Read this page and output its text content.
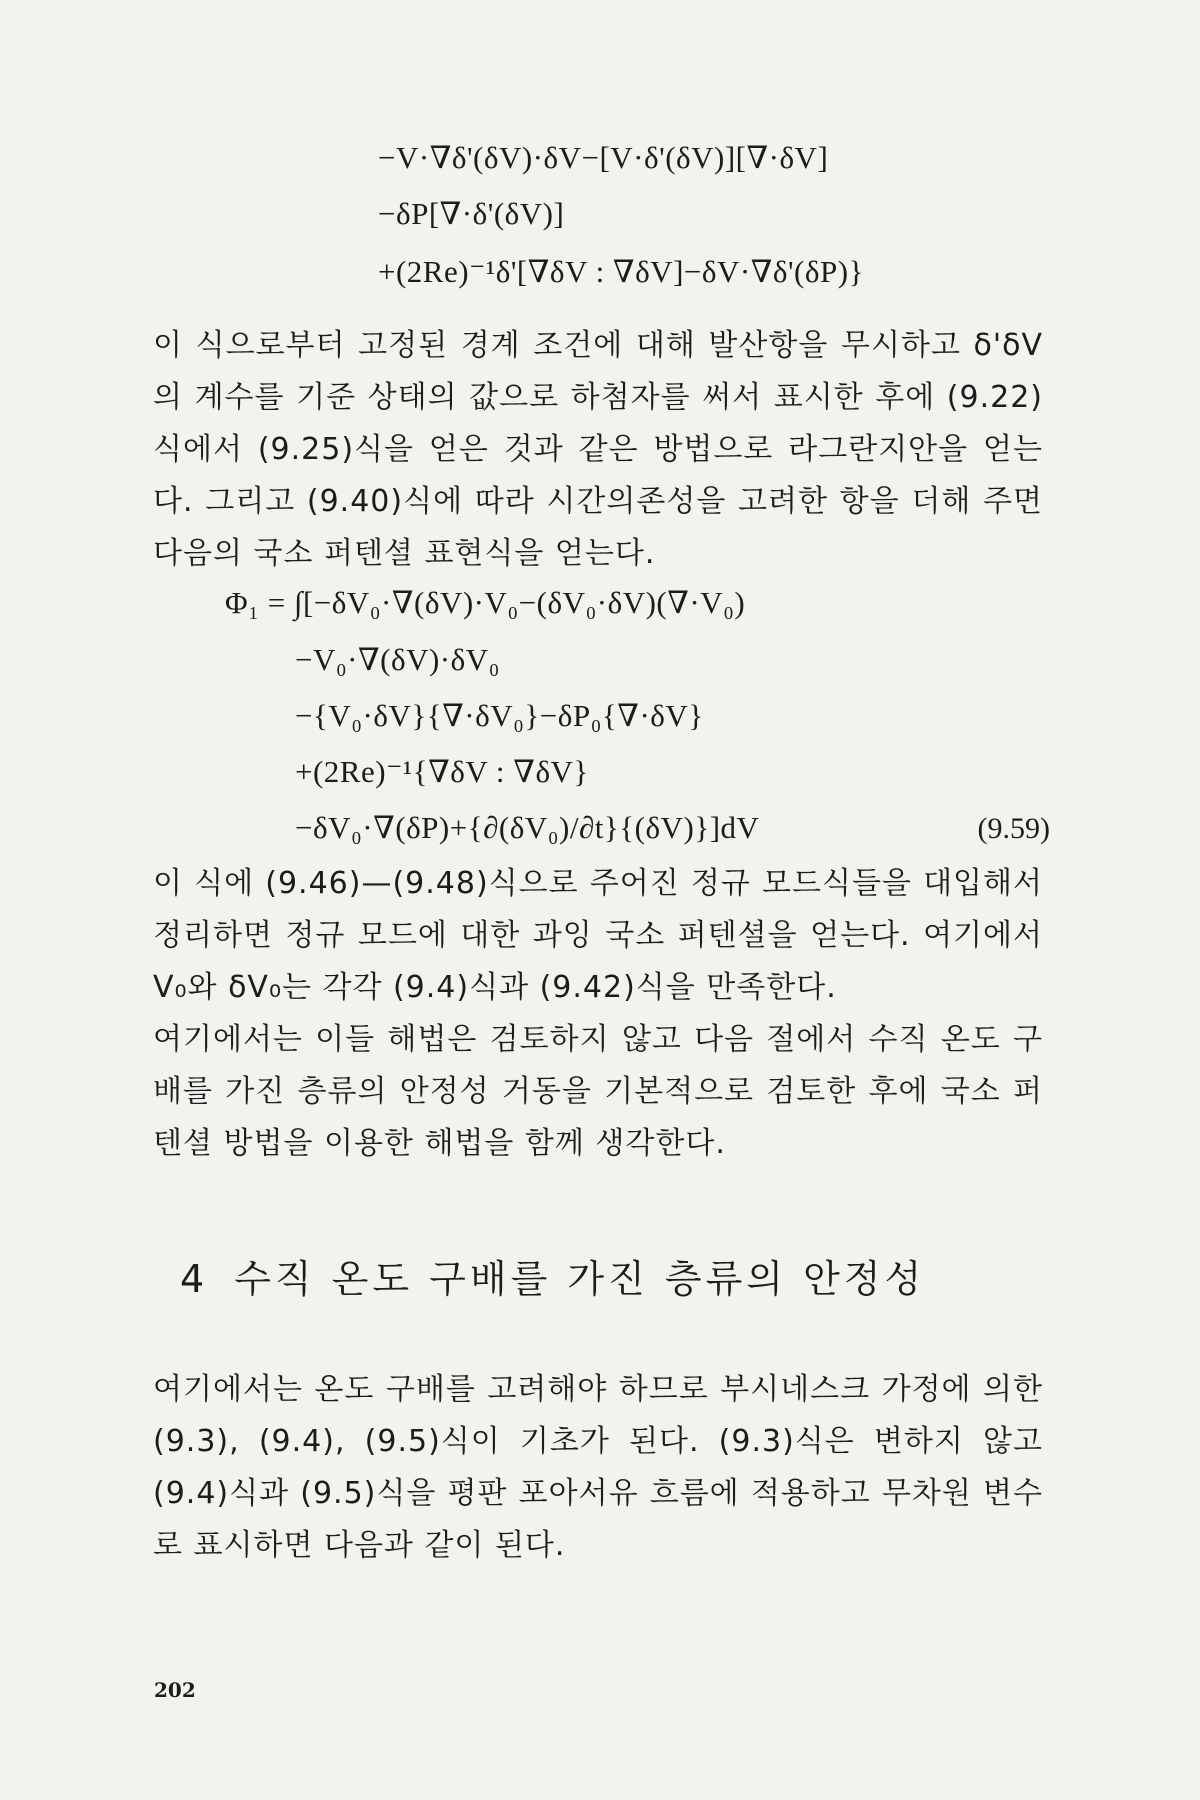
−V·∇δ'(δV)·δV−[V·δ'(δV)][∇·δV]
−δP[∇·δ'(δV)]
+(2Re)⁻¹δ'[∇δV : ∇δV]−δV·∇δ'(δP)}
이 식으로부터 고정된 경계 조건에 대해 발산항을 무시하고 δ'δV의 계수를 기준 상태의 값으로 하첨자를 써서 표시한 후에 (9.22)식에서 (9.25)식을 얻은 것과 같은 방법으로 라그란지안을 얻는다. 그리고 (9.40)식에 따라 시간의존성을 고려한 항을 더해 주면 다음의 국소 퍼텐셜 표현식을 얻는다.
Φ₁ = ∫[−δV₀·∇(δV)·V₀−(δV₀·δV)(∇·V₀)
−V₀·∇(δV)·δV₀
−{V₀·δV}{∇·δV₀}−δP₀{∇·δV}
+(2Re)⁻¹{∇δV : ∇δV}
−δV₀·∇(δP)+{∂(δV₀)/∂t}{(δV)}]dV	(9.59)
이 식에 (9.46)—(9.48)식으로 주어진 정규 모드식들을 대입해서 정리하면 정규 모드에 대한 과잉 국소 퍼텐셜을 얻는다. 여기에서 V₀와 δV₀는 각각 (9.4)식과 (9.42)식을 만족한다.
여기에서는 이들 해법은 검토하지 않고 다음 절에서 수직 온도 구배를 가진 층류의 안정성 거동을 기본적으로 검토한 후에 국소 퍼텐셜 방법을 이용한 해법을 함께 생각한다.
4 수직 온도 구배를 가진 층류의 안정성
여기에서는 온도 구배를 고려해야 하므로 부시네스크 가정에 의한 (9.3), (9.4), (9.5)식이 기초가 된다. (9.3)식은 변하지 않고 (9.4)식과 (9.5)식을 평판 포아서유 흐름에 적용하고 무차원 변수로 표시하면 다음과 같이 된다.
202
